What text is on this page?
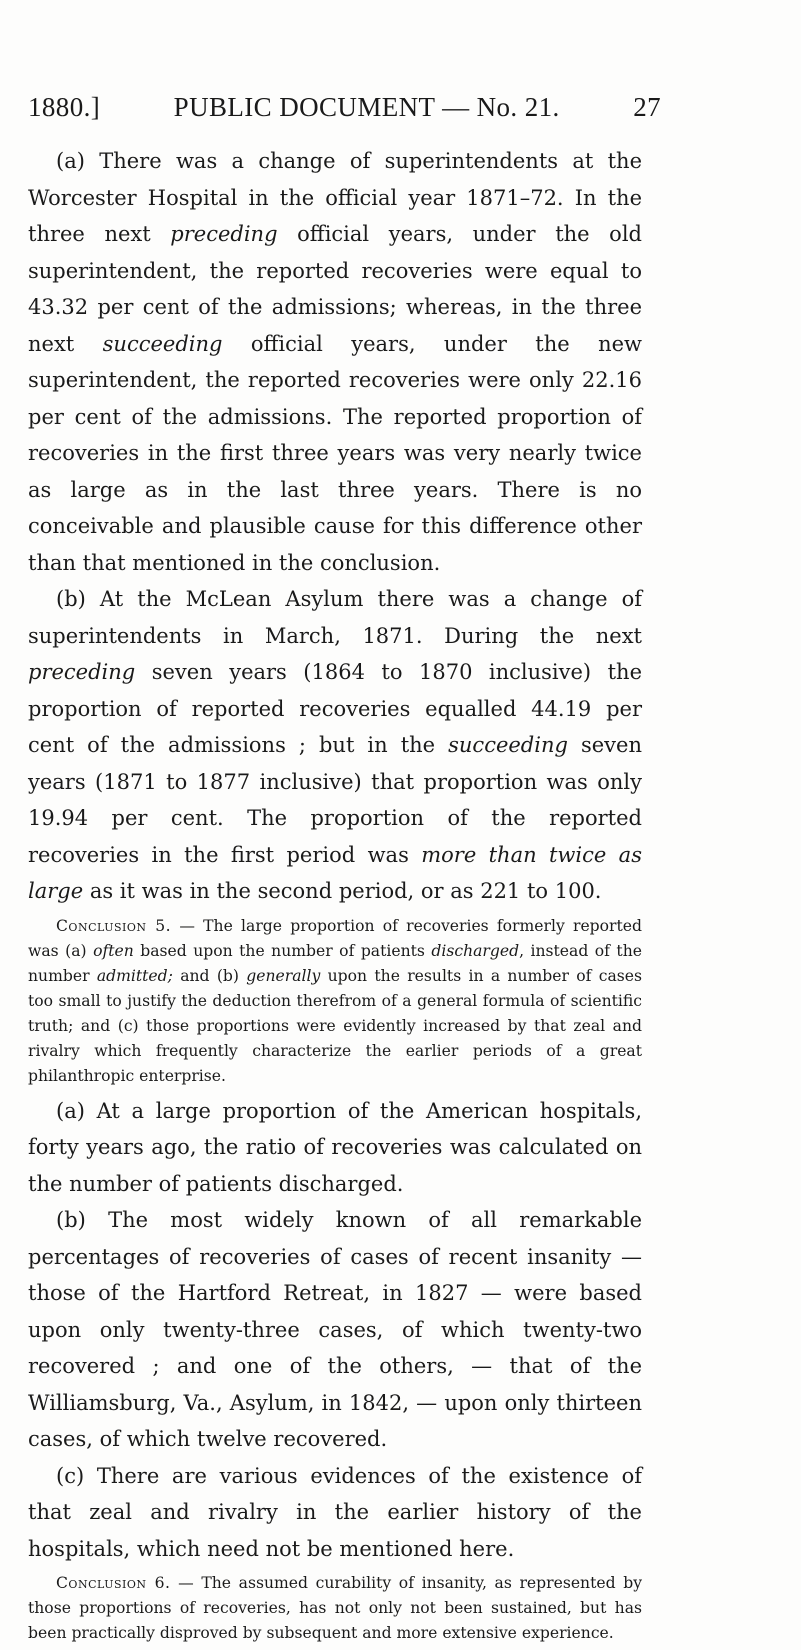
1880.]	PUBLIC DOCUMENT — No. 21.	27

(a) There was a change of superintendents at the Worcester Hospital in the official year 1871–72. In the three next preceding official years, under the old superintendent, the reported recoveries were equal to 43.32 per cent of the admissions; whereas, in the three next succeeding official years, under the new superintendent, the reported recoveries were only 22.16 per cent of the admissions. The reported proportion of recoveries in the first three years was very nearly twice as large as in the last three years. There is no conceivable and plausible cause for this difference other than that mentioned in the conclusion.

(b) At the McLean Asylum there was a change of superintendents in March, 1871. During the next preceding seven years (1864 to 1870 inclusive) the proportion of reported recoveries equalled 44.19 per cent of the admissions ; but in the succeeding seven years (1871 to 1877 inclusive) that proportion was only 19.94 per cent. The proportion of the reported recoveries in the first period was more than twice as large as it was in the second period, or as 221 to 100.

Conclusion 5. — The large proportion of recoveries formerly reported was (a) often based upon the number of patients discharged, instead of the number admitted; and (b) generally upon the results in a number of cases too small to justify the deduction therefrom of a general formula of scientific truth; and (c) those proportions were evidently increased by that zeal and rivalry which frequently characterize the earlier periods of a great philanthropic enterprise.

(a) At a large proportion of the American hospitals, forty years ago, the ratio of recoveries was calculated on the number of patients discharged.

(b) The most widely known of all remarkable percentages of recoveries of cases of recent insanity — those of the Hartford Retreat, in 1827 — were based upon only twenty-three cases, of which twenty-two recovered ; and one of the others, — that of the Williamsburg, Va., Asylum, in 1842, — upon only thirteen cases, of which twelve recovered.

(c) There are various evidences of the existence of that zeal and rivalry in the earlier history of the hospitals, which need not be mentioned here.

Conclusion 6. — The assumed curability of insanity, as represented by those proportions of recoveries, has not only not been sustained, but has been practically disproved by subsequent and more extensive experience.
